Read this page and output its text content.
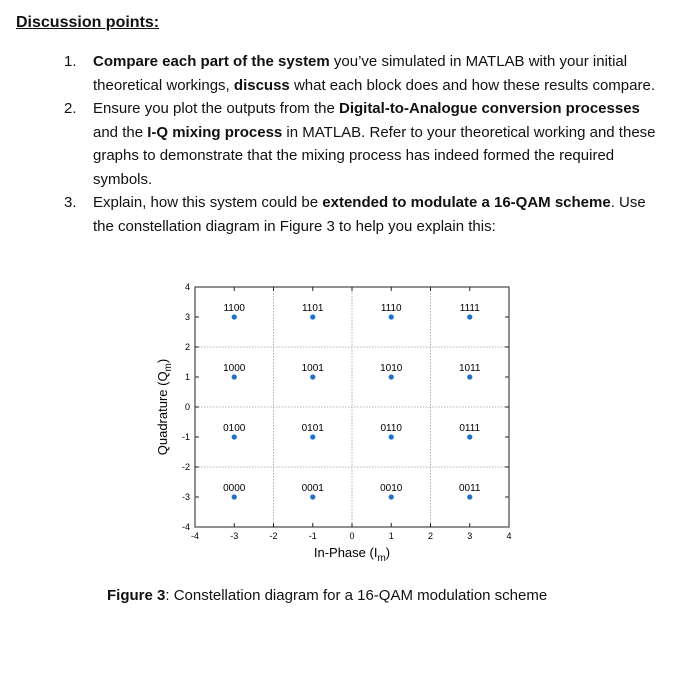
Discussion points:
1. Compare each part of the system you’ve simulated in MATLAB with your initial theoretical workings, discuss what each block does and how these results compare.
2. Ensure you plot the outputs from the Digital-to-Analogue conversion processes and the I-Q mixing process in MATLAB. Refer to your theoretical working and these graphs to demonstrate that the mixing process has indeed formed the required symbols.
3. Explain, how this system could be extended to modulate a 16-QAM scheme. Use the constellation diagram in Figure 3 to help you explain this:
-4	-3	-2	-1	0	1	2	3	4
-4
-3
-2
-1
0
1
2
3
4
1100	1101	1110	1111
1000	1001	1010	1011
0100	0101	0110	0111
0000	0001	0010	0011
In-Phase $(I_m)$
Quadrature $(Q_m)$
Figure 3: Constellation diagram for a 16-QAM modulation scheme
